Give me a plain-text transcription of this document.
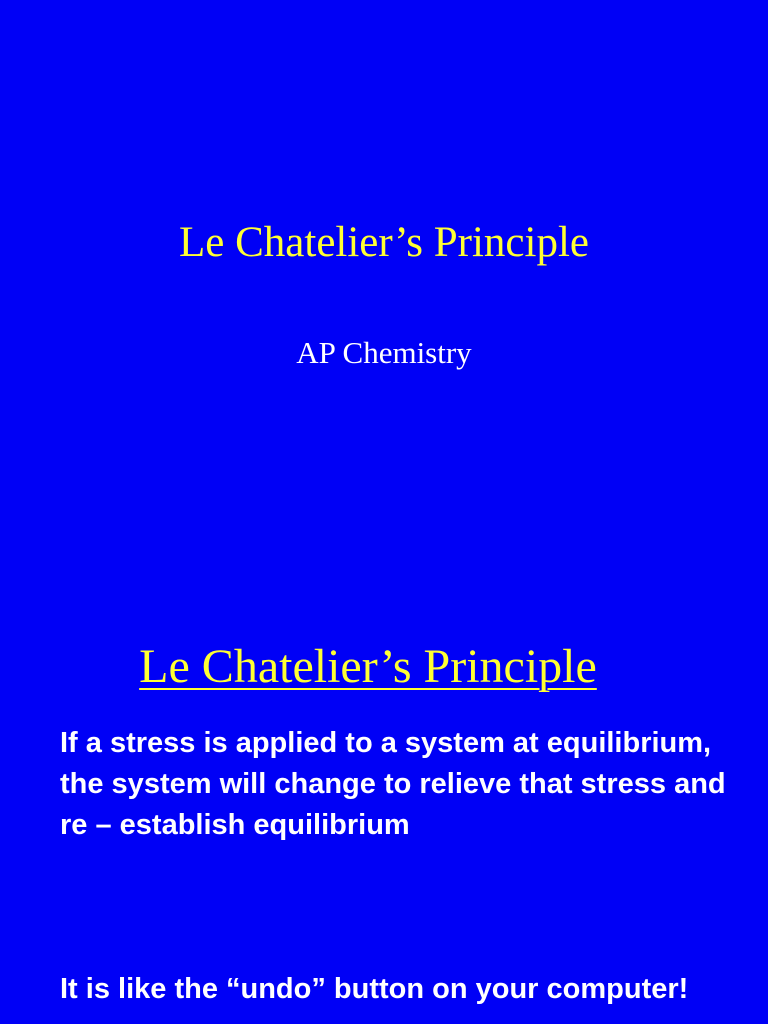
Le Chatelier’s Principle
AP Chemistry
Le Chatelier’s Principle

If a stress is applied to a system at equilibrium, the system will change to relieve that stress and re – establish equilibrium

It is like the “undo” button on your computer!
